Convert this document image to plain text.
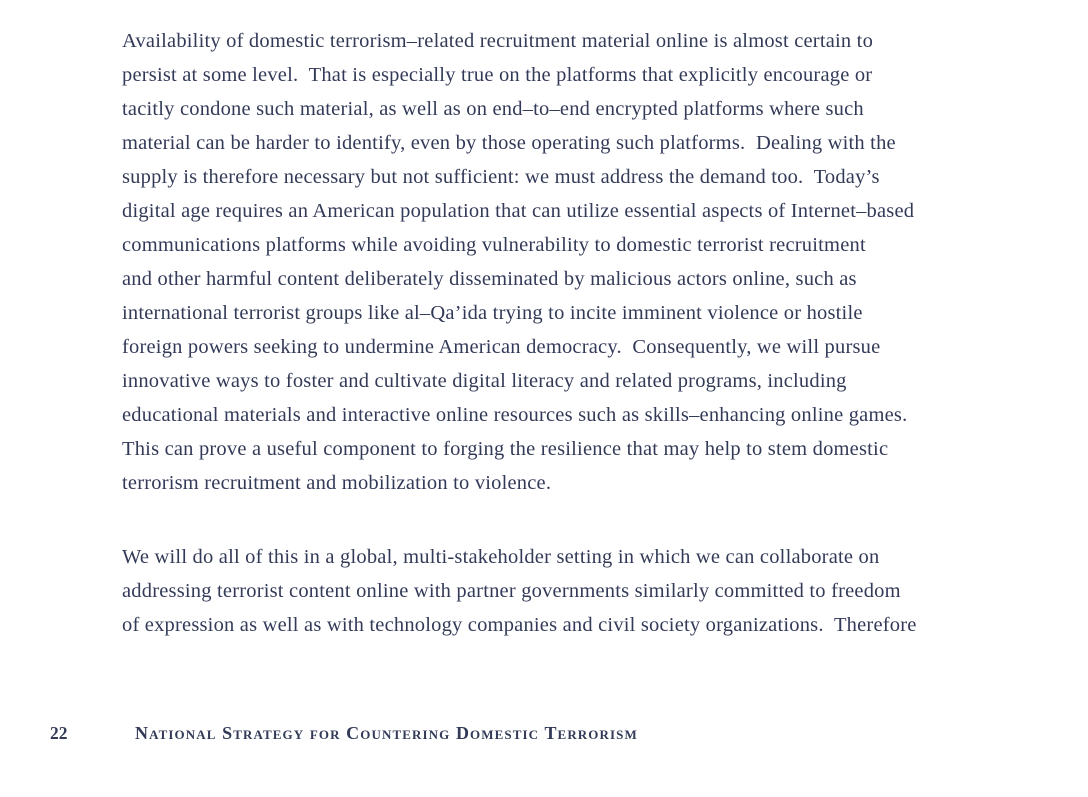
Availability of domestic terrorism–related recruitment material online is almost certain to
persist at some level.  That is especially true on the platforms that explicitly encourage or
tacitly condone such material, as well as on end–to–end encrypted platforms where such
material can be harder to identify, even by those operating such platforms.  Dealing with the
supply is therefore necessary but not sufficient: we must address the demand too.  Today’s
digital age requires an American population that can utilize essential aspects of Internet–based
communications platforms while avoiding vulnerability to domestic terrorist recruitment
and other harmful content deliberately disseminated by malicious actors online, such as
international terrorist groups like al–Qa’ida trying to incite imminent violence or hostile
foreign powers seeking to undermine American democracy.  Consequently, we will pursue
innovative ways to foster and cultivate digital literacy and related programs, including
educational materials and interactive online resources such as skills–enhancing online games.
This can prove a useful component to forging the resilience that may help to stem domestic
terrorism recruitment and mobilization to violence.
We will do all of this in a global, multi-stakeholder setting in which we can collaborate on
addressing terrorist content online with partner governments similarly committed to freedom
of expression as well as with technology companies and civil society organizations.  Therefore
22	National Strategy for Countering Domestic Terrorism
